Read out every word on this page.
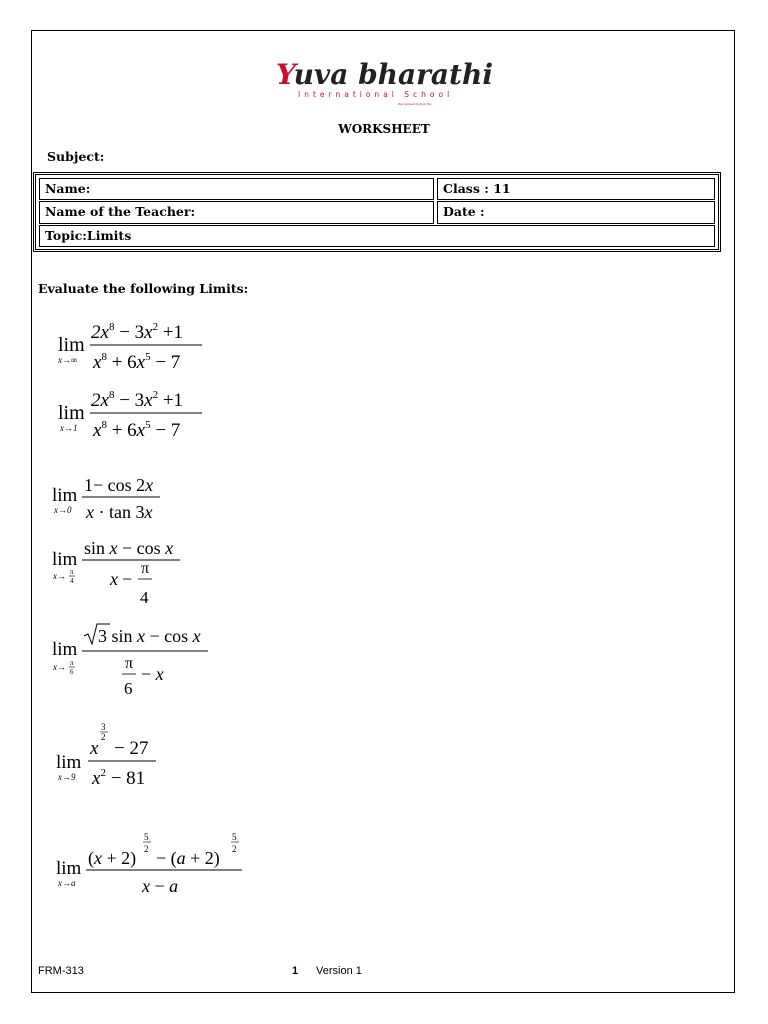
Yuva bharathi
International School
Recognised School No.
WORKSHEET
Subject:
Name:	Class : 11
Name of the Teacher:	Date :
Topic:Limits
Evaluate the following Limits:
lim
x→∞
$2x^8 - 3x^2 +1$
$x^8 + 6x^5 - 7$
lim
x→1
$2x^8 - 3x^2 +1$
$x^8 + 6x^5 - 7$
lim
x→0
1− cos 2x
x · tan 3x
lim
x→ π
4
sin x − cos x
x −
π
4
lim
x→ π
6
3 sin x − cos x
π
6
− x
lim
x→9
3
2
x − 27
$x^2 - 81$
lim
x→a
(x + 2)
5
2 − (a + 2)
5
2
x − a
FRM-313	1 Version 1
